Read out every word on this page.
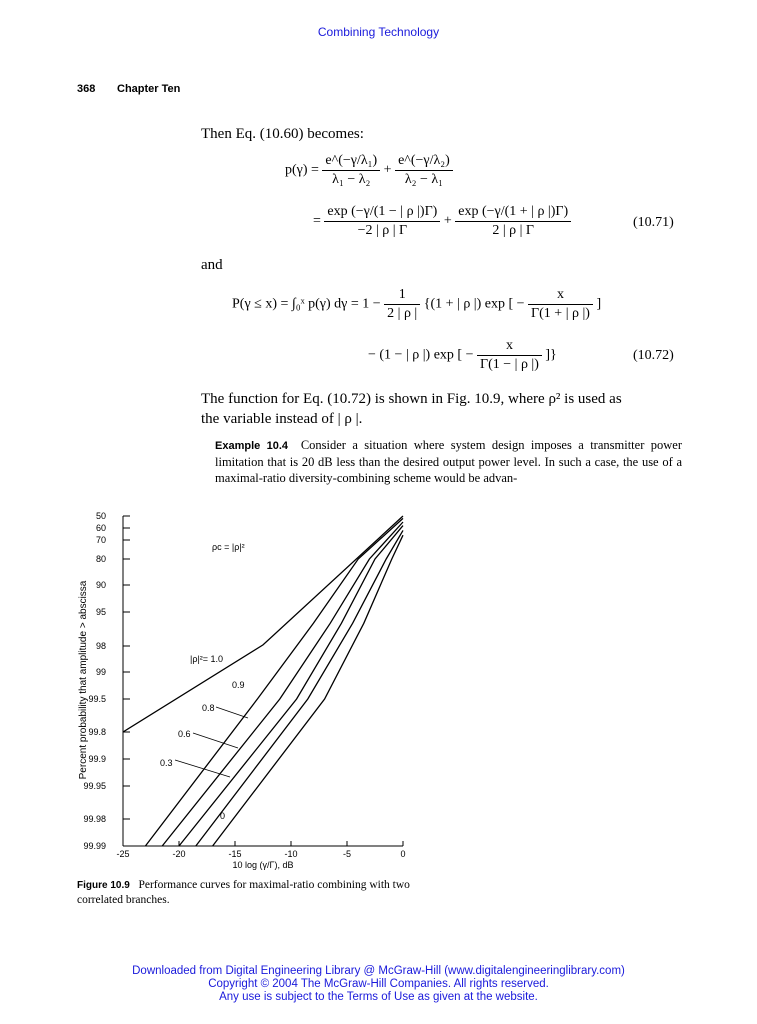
Combining Technology
368 Chapter Ten
Then Eq. (10.60) becomes:
$p(\gamma) = \frac{\text{e\textasciicircum{}(−γ/λ₁)}}{\text{λ₁ − λ₂}} + \frac{\text{e\textasciicircum{}(−γ/λ₂)}}{\text{λ₂ − λ₁}}$
= $\frac{\exp (-\gamma/(1 - | \rho |)\Gamma)}{-2 | \rho | \Gamma} + \frac{\exp (-\gamma/(1 + | \rho |)\Gamma)}{2 | \rho | \Gamma}$	(10.71)
and
P(γ ≤ x) = ∫₀ˣ p(γ) $d\gamma = 1 - \frac{1}{2 | \rho |} \{(1$ + | ρ |) exp [ − $\frac{x}{\Gamma(1 + | \rho |)}$ ]
− (1 − | ρ |) exp [ − $\frac{x}{\Gamma(1 - | \rho |)}$ ]}	(10.72)
The function for Eq. (10.72) is shown in Fig. 10.9, where ρ² is used as
the variable instead of | ρ |.
Example 10.4 Consider a situation where system design imposes a transmitter power limitation that is 20 dB less than the desired output power level. In such a case, the use of a maximal-ratio diversity-combining scheme would be advan-
50
60
70
80
90
95
98
99
99.5
99.8
99.9
99.95
99.98
99.99
-25	-20	-15	-10	-5	0
Percent probability that amplitude > abscissa
10 log (γ/Γ), dB
ρc = |ρ|²
|ρ|²= 1.0
0.9
0.8
0.6
0.3
0
Figure 10.9 Performance curves for maximal-ratio combining with two correlated branches.
Downloaded from Digital Engineering Library @ McGraw-Hill (www.digitalengineeringlibrary.com)
Copyright © 2004 The McGraw-Hill Companies. All rights reserved.
Any use is subject to the Terms of Use as given at the website.
